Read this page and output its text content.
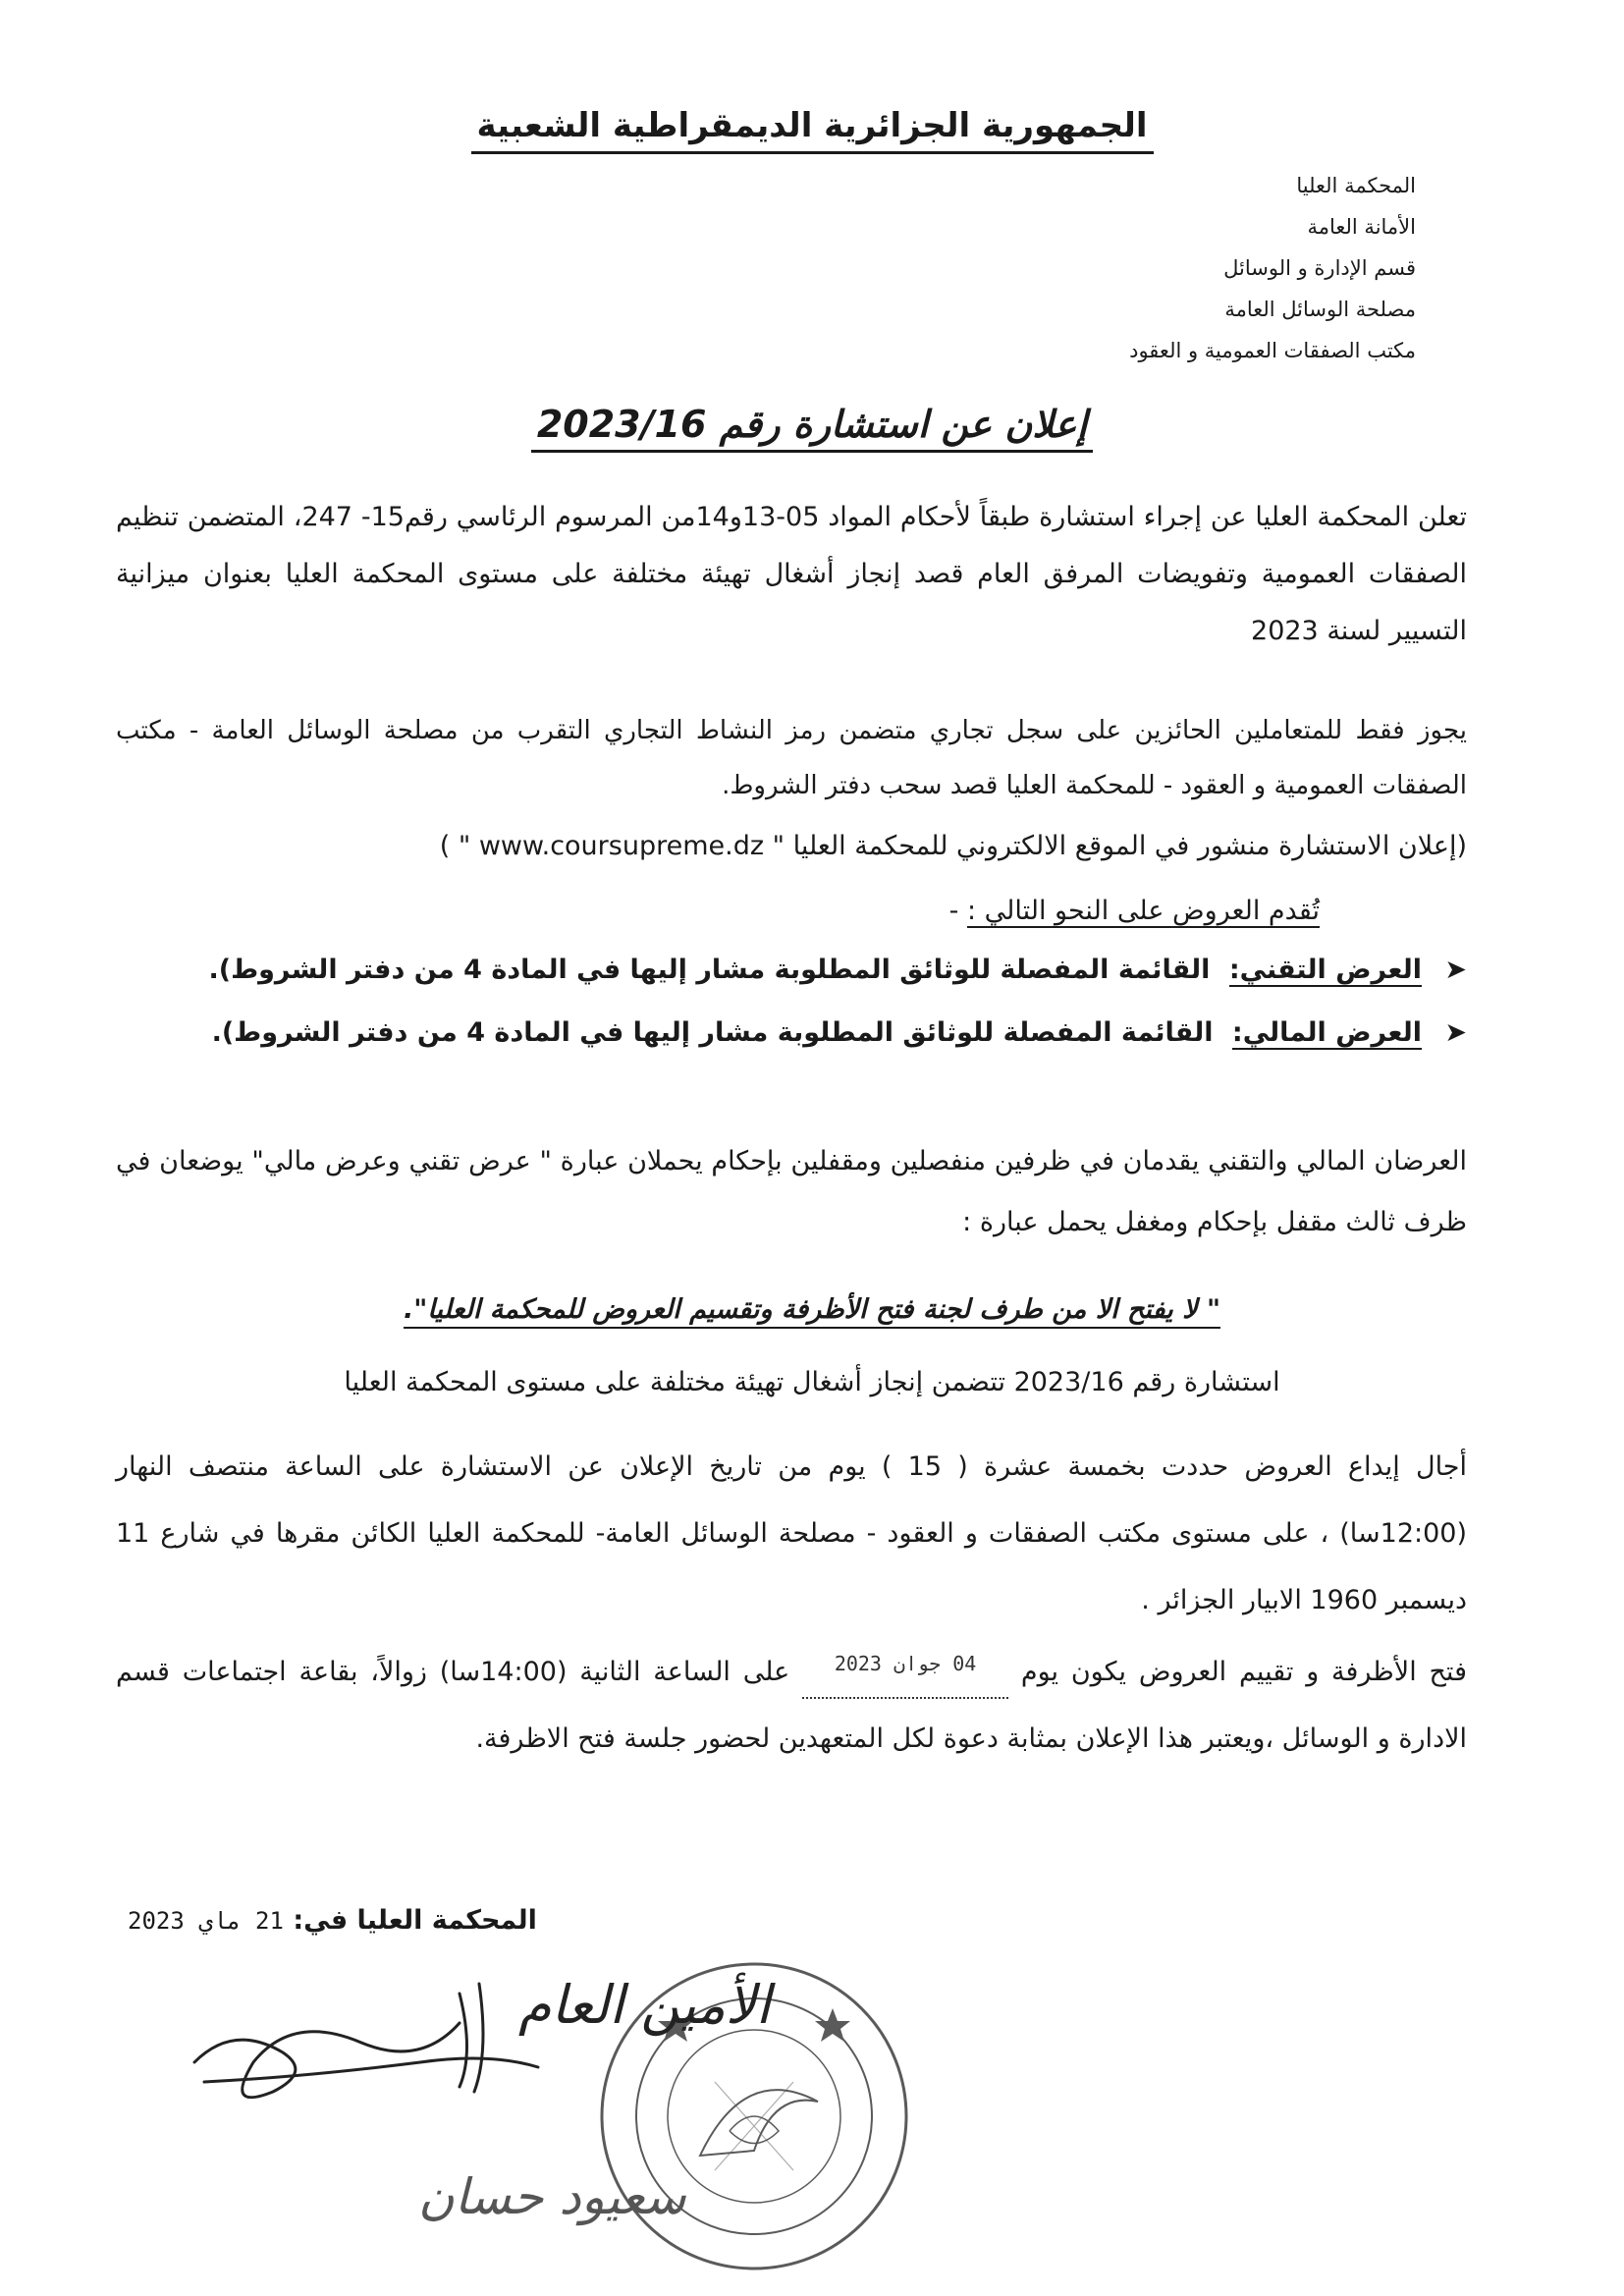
الجمهورية الجزائرية الديمقراطية الشعبية
المحكمة العليا
الأمانة العامة
قسم الإدارة و الوسائل
مصلحة الوسائل العامة
مكتب الصفقات العمومية و العقود
إعلان عن استشارة رقم 2023/16
تعلن المحكمة العليا عن إجراء استشارة طبقاً لأحكام المواد 05-13و14من المرسوم الرئاسي رقم15- 247، المتضمن تنظيم الصفقات العمومية وتفويضات المرفق العام قصد إنجاز أشغال تهيئة مختلفة على مستوى المحكمة العليا بعنوان ميزانية التسيير لسنة 2023
يجوز فقط للمتعاملين الحائزين على سجل تجاري متضمن رمز النشاط التجاري التقرب من مصلحة الوسائل العامة - مكتب الصفقات العمومية و العقود - للمحكمة العليا قصد سحب دفتر الشروط.
(إعلان الاستشارة منشور في الموقع الالكتروني للمحكمة العليا " www.coursupreme.dz " )
تُقدم العروض على النحو التالي : -
➤ العرض التقني: القائمة المفصلة للوثائق المطلوبة مشار إليها في المادة 4 من دفتر الشروط).
➤ العرض المالي: القائمة المفصلة للوثائق المطلوبة مشار إليها في المادة 4 من دفتر الشروط).
العرضان المالي والتقني يقدمان في ظرفين منفصلين ومقفلين بإحكام يحملان عبارة " عرض تقني وعرض مالي" يوضعان في ظرف ثالث مقفل بإحكام ومغفل يحمل عبارة :
" لا يفتح الا من طرف لجنة فتح الأظرفة وتقسيم العروض للمحكمة العليا".
استشارة رقم 2023/16 تتضمن إنجاز أشغال تهيئة مختلفة على مستوى المحكمة العليا
أجال إيداع العروض حددت بخمسة عشرة ( 15 ) يوم من تاريخ الإعلان عن الاستشارة على الساعة منتصف النهار (12:00سا) ، على مستوى مكتب الصفقات و العقود - مصلحة الوسائل العامة- للمحكمة العليا الكائن مقرها في شارع 11 ديسمبر 1960 الابيار الجزائر .
فتح الأظرفة و تقييم العروض يكون يوم 04 جوان 2023 على الساعة الثانية (14:00سا) زوالاً، بقاعة اجتماعات قسم الادارة و الوسائل ،ويعتبر هذا الإعلان بمثابة دعوة لكل المتعهدين لحضور جلسة فتح الاظرفة.
المحكمة العليا في: 21 ماي 2023
الأمين العام
سعيود حسان
